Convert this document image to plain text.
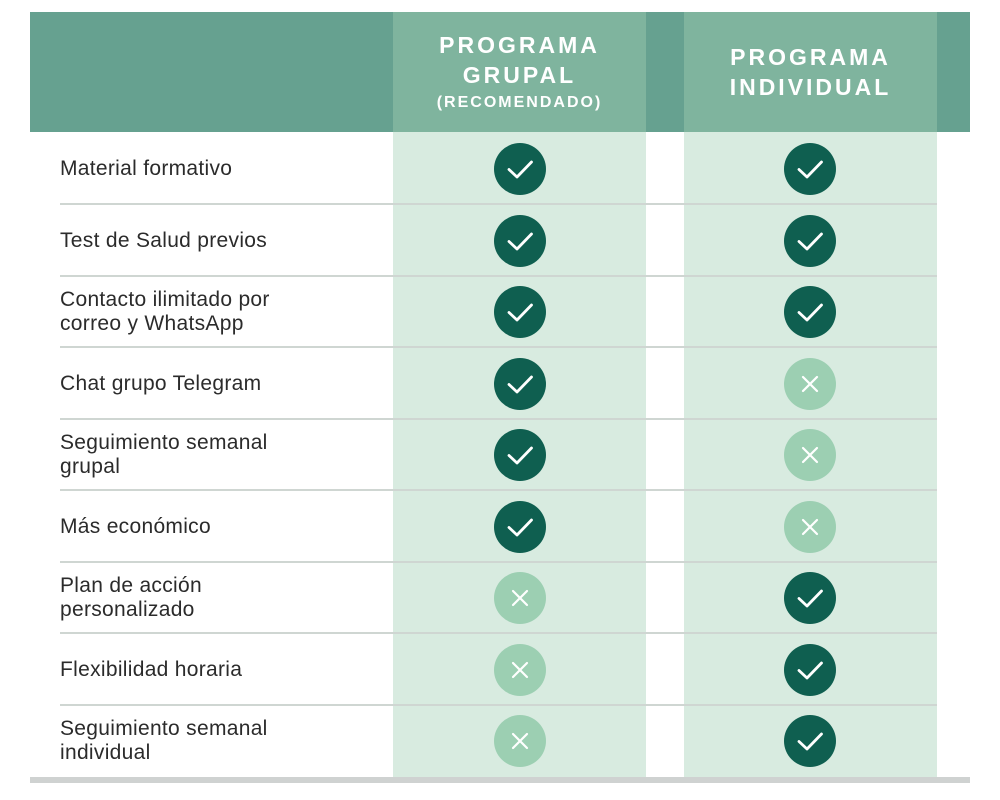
PROGRAMA
GRUPAL
(RECOMENDADO)
PROGRAMA
INDIVIDUAL
Material formativo
Test de Salud previos
Contacto ilimitado por
correo y WhatsApp
Chat grupo Telegram
Seguimiento semanal
grupal
Más económico
Plan de acción
personalizado
Flexibilidad horaria
Seguimiento semanal
individual
